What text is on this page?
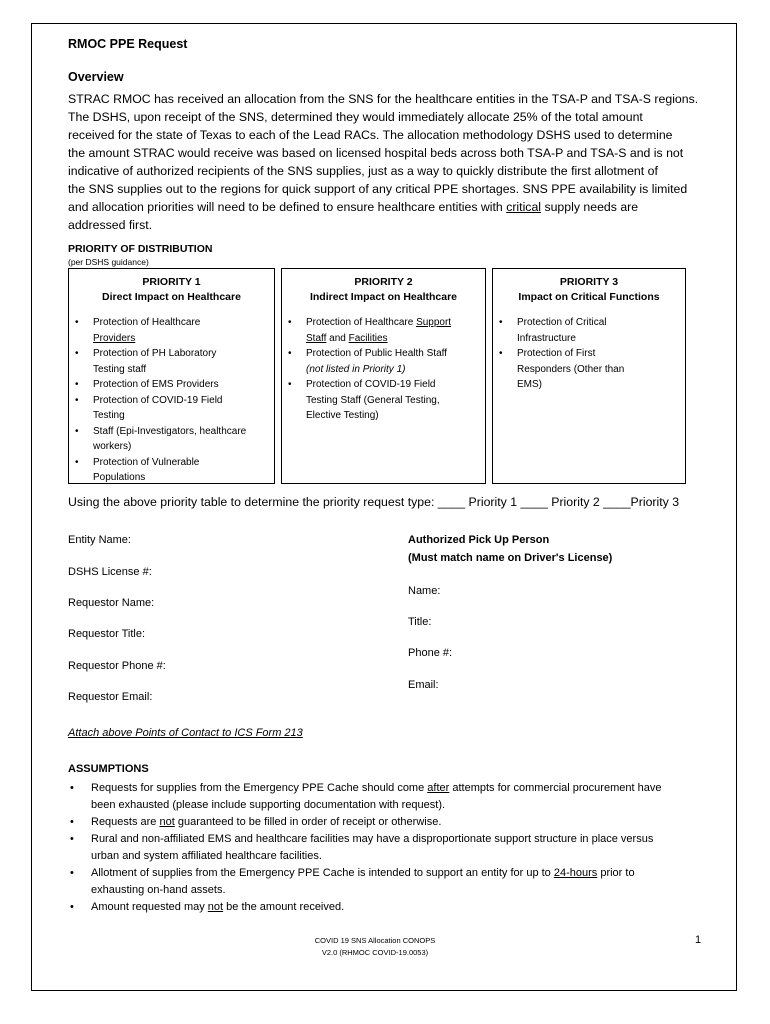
RMOC PPE Request
Overview
STRAC RMOC has received an allocation from the SNS for the healthcare entities in the TSA-P and TSA-S regions.
The DSHS, upon receipt of the SNS, determined they would immediately allocate 25% of the total amount
received for the state of Texas to each of the Lead RACs. The allocation methodology DSHS used to determine
the amount STRAC would receive was based on licensed hospital beds across both TSA-P and TSA-S and is not
indicative of authorized recipients of the SNS supplies, just as a way to quickly distribute the first allotment of
the SNS supplies out to the regions for quick support of any critical PPE shortages. SNS PPE availability is limited
and allocation priorities will need to be defined to ensure healthcare entities with critical supply needs are
addressed first.
PRIORITY OF DISTRIBUTION
(per DSHS guidance)
PRIORITY 1
Direct Impact on Healthcare
• Protection of Healthcare
Providers
• Protection of PH Laboratory
Testing staff
• Protection of EMS Providers
• Protection of COVID-19 Field
Testing
• Staff (Epi-Investigators, healthcare
workers)
• Protection of Vulnerable
Populations
PRIORITY 2
Indirect Impact on Healthcare
• Protection of Healthcare Support
Staff and Facilities
• Protection of Public Health Staff
(not listed in Priority 1)
• Protection of COVID-19 Field
Testing Staff (General Testing,
Elective Testing)
PRIORITY 3
Impact on Critical Functions
• Protection of Critical
Infrastructure
• Protection of First
Responders (Other than
EMS)
Using the above priority table to determine the priority request type: ____ Priority 1 ____ Priority 2 ____Priority 3
Entity Name:
DSHS License #:
Requestor Name:
Requestor Title:
Requestor Phone #:
Requestor Email:
Authorized Pick Up Person
(Must match name on Driver's License)
Name:
Title:
Phone #:
Email:
Attach above Points of Contact to ICS Form 213
ASSUMPTIONS
• Requests for supplies from the Emergency PPE Cache should come after attempts for commercial procurement have
been exhausted (please include supporting documentation with request).
• Requests are not guaranteed to be filled in order of receipt or otherwise.
• Rural and non-affiliated EMS and healthcare facilities may have a disproportionate support structure in place versus
urban and system affiliated healthcare facilities.
• Allotment of supplies from the Emergency PPE Cache is intended to support an entity for up to 24-hours prior to
exhausting on-hand assets.
• Amount requested may not be the amount received.
COVID 19 SNS Allocation CONOPS
V2.0 (RHMOC COVID-19.0053)
1
